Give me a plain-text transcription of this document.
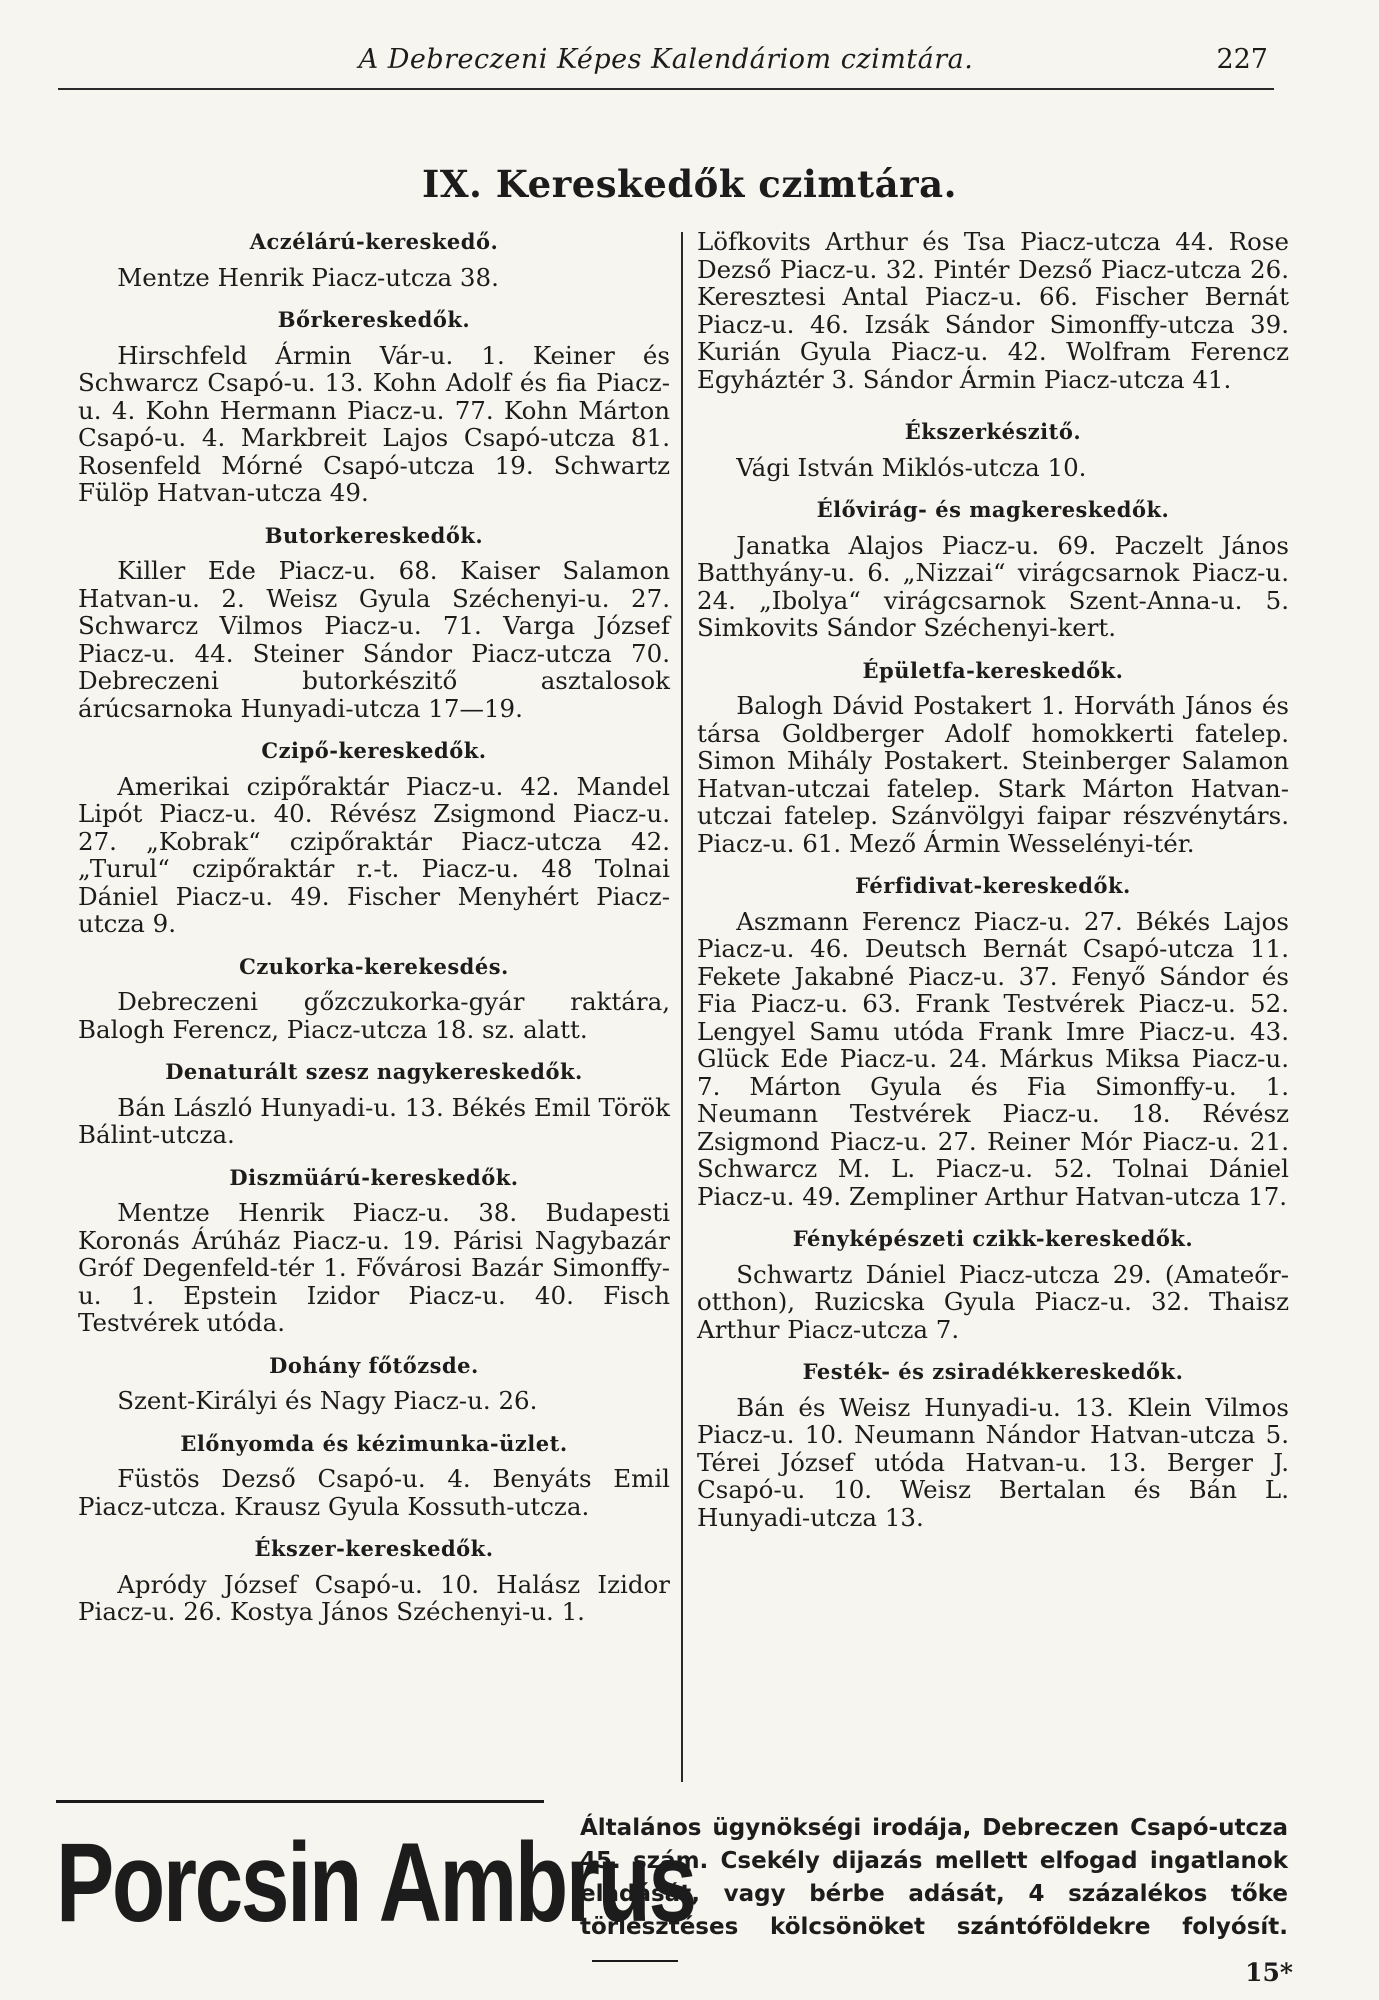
A Debreczeni Képes Kalendáriom czimtára.	227
IX. Kereskedők czimtára.
Aczélárú-kereskedő.

Mentze Henrik Piacz-utcza 38.

Bőrkereskedők.

Hirschfeld Ármin Vár-u. 1. Keiner és Schwarcz Csapó-u. 13. Kohn Adolf és fia Piacz-u. 4. Kohn Hermann Piacz-u. 77. Kohn Márton Csapó-u. 4. Markbreit Lajos Csapó-utcza 81. Rosenfeld Mórné Csapó-utcza 19. Schwartz Fülöp Hatvan-utcza 49.

Butorkereskedők.

Killer Ede Piacz-u. 68. Kaiser Salamon Hatvan-u. 2. Weisz Gyula Széchenyi-u. 27. Schwarcz Vilmos Piacz-u. 71. Varga József Piacz-u. 44. Steiner Sándor Piacz-utcza 70. Debreczeni butorkészitő asztalosok árúcsarnoka Hunyadi-utcza 17—19.

Czipő-kereskedők.

Amerikai czipőraktár Piacz-u. 42. Mandel Lipót Piacz-u. 40. Révész Zsigmond Piacz-u. 27. „Kobrak“ czipőraktár Piacz-utcza 42. „Turul“ czipőraktár r.-t. Piacz-u. 48 Tolnai Dániel Piacz-u. 49. Fischer Menyhért Piacz-utcza 9.

Czukorka-kerekesdés.

Debreczeni gőzczukorka-gyár raktára, Balogh Ferencz, Piacz-utcza 18. sz. alatt.

Denaturált szesz nagykereskedők.

Bán László Hunyadi-u. 13. Békés Emil Török Bálint-utcza.

Diszmüárú-kereskedők.

Mentze Henrik Piacz-u. 38. Budapesti Koronás Árúház Piacz-u. 19. Párisi Nagybazár Gróf Degenfeld-tér 1. Fővárosi Bazár Simonffy-u. 1. Epstein Izidor Piacz-u. 40. Fisch Testvérek utóda.

Dohány főtőzsde.

Szent-Királyi és Nagy Piacz-u. 26.

Előnyomda és kézimunka-üzlet.

Füstös Dezső Csapó-u. 4. Benyáts Emil Piacz-utcza. Krausz Gyula Kossuth-utcza.

Ékszer-kereskedők.

Apródy József Csapó-u. 10. Halász Izidor Piacz-u. 26. Kostya János Széchenyi-u. 1.

Löfkovits Arthur és Tsa Piacz-utcza 44. Rose Dezső Piacz-u. 32. Pintér Dezső Piacz-utcza 26. Keresztesi Antal Piacz-u. 66. Fischer Bernát Piacz-u. 46. Izsák Sándor Simonffy-utcza 39. Kurián Gyula Piacz-u. 42. Wolfram Ferencz Egyháztér 3. Sándor Ármin Piacz-utcza 41.

Ékszerkészitő.

Vági István Miklós-utcza 10.

Élővirág- és magkereskedők.

Janatka Alajos Piacz-u. 69. Paczelt János Batthyány-u. 6. „Nizzai“ virágcsarnok Piacz-u. 24. „Ibolya“ virágcsarnok Szent-Anna-u. 5. Simkovits Sándor Széchenyi-kert.

Épületfa-kereskedők.

Balogh Dávid Postakert 1. Horváth János és társa Goldberger Adolf homokkerti fatelep. Simon Mihály Postakert. Steinberger Salamon Hatvan-utczai fatelep. Stark Márton Hatvan-utczai fatelep. Szánvölgyi faipar részvénytárs. Piacz-u. 61. Mező Ármin Wesselényi-tér.

Férfidivat-kereskedők.

Aszmann Ferencz Piacz-u. 27. Békés Lajos Piacz-u. 46. Deutsch Bernát Csapó-utcza 11. Fekete Jakabné Piacz-u. 37. Fenyő Sándor és Fia Piacz-u. 63. Frank Testvérek Piacz-u. 52. Lengyel Samu utóda Frank Imre Piacz-u. 43. Glück Ede Piacz-u. 24. Márkus Miksa Piacz-u. 7. Márton Gyula és Fia Simonffy-u. 1. Neumann Testvérek Piacz-u. 18. Révész Zsigmond Piacz-u. 27. Reiner Mór Piacz-u. 21. Schwarcz M. L. Piacz-u. 52. Tolnai Dániel Piacz-u. 49. Zempliner Arthur Hatvan-utcza 17.

Fényképészeti czikk-kereskedők.

Schwartz Dániel Piacz-utcza 29. (Amateőr-otthon), Ruzicska Gyula Piacz-u. 32. Thaisz Arthur Piacz-utcza 7.

Festék- és zsiradékkereskedők.

Bán és Weisz Hunyadi-u. 13. Klein Vilmos Piacz-u. 10. Neumann Nándor Hatvan-utcza 5. Térei József utóda Hatvan-u. 13. Berger J. Csapó-u. 10. Weisz Bertalan és Bán L. Hunyadi-utcza 13.

Porcsin Ambrus
Általános ügynökségi irodája, Debreczen Csapó-utcza 45. szám. Csekély dijazás mellett elfogad ingatlanok eladását, vagy bérbe adását, 4 százalékos tőke törlesztéses kölcsönöket szántóföldekre folyósít.
15*
